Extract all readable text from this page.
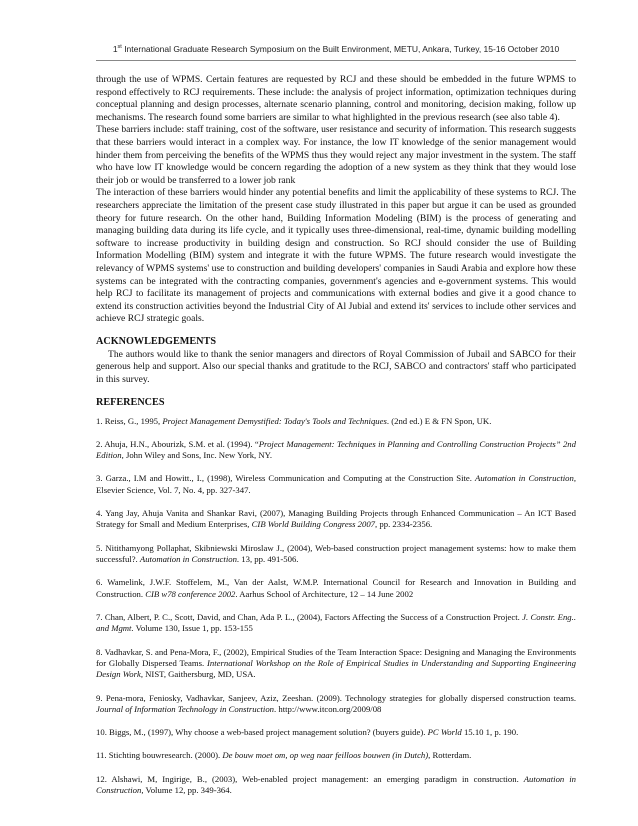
1st International Graduate Research Symposium on the Built Environment, METU, Ankara, Turkey, 15-16 October 2010

through the use of WPMS. Certain features are requested by RCJ and these should be embedded in the future WPMS to respond effectively to RCJ requirements. These include: the analysis of project information, optimization techniques during conceptual planning and design processes, alternate scenario planning, control and monitoring, decision making, follow up mechanisms. The research found some barriers are similar to what highlighted in the previous research (see also table 4).

These barriers include: staff training, cost of the software, user resistance and security of information. This research suggests that these barriers would interact in a complex way. For instance, the low IT knowledge of the senior management would hinder them from perceiving the benefits of the WPMS thus they would reject any major investment in the system. The staff who have low IT knowledge would be concern regarding the adoption of a new system as they think that they would lose their job or would be transferred to a lower job rank

The interaction of these barriers would hinder any potential benefits and limit the applicability of these systems to RCJ. The researchers appreciate the limitation of the present case study illustrated in this paper but argue it can be used as grounded theory for future research. On the other hand, Building Information Modeling (BIM) is the process of generating and managing building data during its life cycle, and it typically uses three-dimensional, real-time, dynamic building modelling software to increase productivity in building design and construction. So RCJ should consider the use of Building Information Modelling (BIM) system and integrate it with the future WPMS. The future research would investigate the relevancy of WPMS systems' use to construction and building developers' companies in Saudi Arabia and explore how these systems can be integrated with the contracting companies, government's agencies and e-government systems. This would help RCJ to facilitate its management of projects and communications with external bodies and give it a good chance to extend its construction activities beyond the Industrial City of Al Jubial and extend its' services to include other services and achieve RCJ strategic goals.

ACKNOWLEDGEMENTS

The authors would like to thank the senior managers and directors of Royal Commission of Jubail and SABCO for their generous help and support. Also our special thanks and gratitude to the RCJ, SABCO and contractors' staff who participated in this survey.

REFERENCES

1. Reiss, G., 1995, Project Management Demystified: Today's Tools and Techniques. (2nd ed.) E & FN Spon, UK.

2. Ahuja, H.N., Abourizk, S.M. et al. (1994). “Project Management: Techniques in Planning and Controlling Construction Projects” 2nd Edition, John Wiley and Sons, Inc. New York, NY.

3. Garza., I.M and Howitt., I., (1998), Wireless Communication and Computing at the Construction Site. Automation in Construction, Elsevier Science, Vol. 7, No. 4, pp. 327-347.

4. Yang Jay, Ahuja Vanita and Shankar Ravi, (2007), Managing Building Projects through Enhanced Communication – An ICT Based Strategy for Small and Medium Enterprises, CIB World Building Congress 2007, pp. 2334-2356.

5. Nitithamyong Pollaphat, Skibniewski Miroslaw J., (2004), Web-based construction project management systems: how to make them successful?. Automation in Construction. 13, pp. 491-506.

6. Wamelink, J.W.F. Stoffelem, M., Van der Aalst, W.M.P. International Council for Research and Innovation in Building and Construction. CIB w78 conference 2002. Aarhus School of Architecture, 12 – 14 June 2002

7. Chan, Albert, P. C., Scott, David, and Chan, Ada P. L., (2004), Factors Affecting the Success of a Construction Project. J. Constr. Eng.. and Mgmt. Volume 130, Issue 1, pp. 153-155

8. Vadhavkar, S. and Pena-Mora, F., (2002), Empirical Studies of the Team Interaction Space: Designing and Managing the Environments for Globally Dispersed Teams. International Workshop on the Role of Empirical Studies in Understanding and Supporting Engineering Design Work, NIST, Gaithersburg, MD, USA.

9. Pena-mora, Feniosky, Vadhavkar, Sanjeev, Aziz, Zeeshan. (2009). Technology strategies for globally dispersed construction teams. Journal of Information Technology in Construction. http://www.itcon.org/2009/08

10. Biggs, M., (1997), Why choose a web-based project management solution? (buyers guide). PC World 15.10 1, p. 190.

11. Stichting bouwresearch. (2000). De bouw moet om, op weg naar feilloos bouwen (in Dutch), Rotterdam.

12. Alshawi, M, Ingirige, B., (2003), Web-enabled project management: an emerging paradigm in construction. Automation in Construction, Volume 12, pp. 349-364.
